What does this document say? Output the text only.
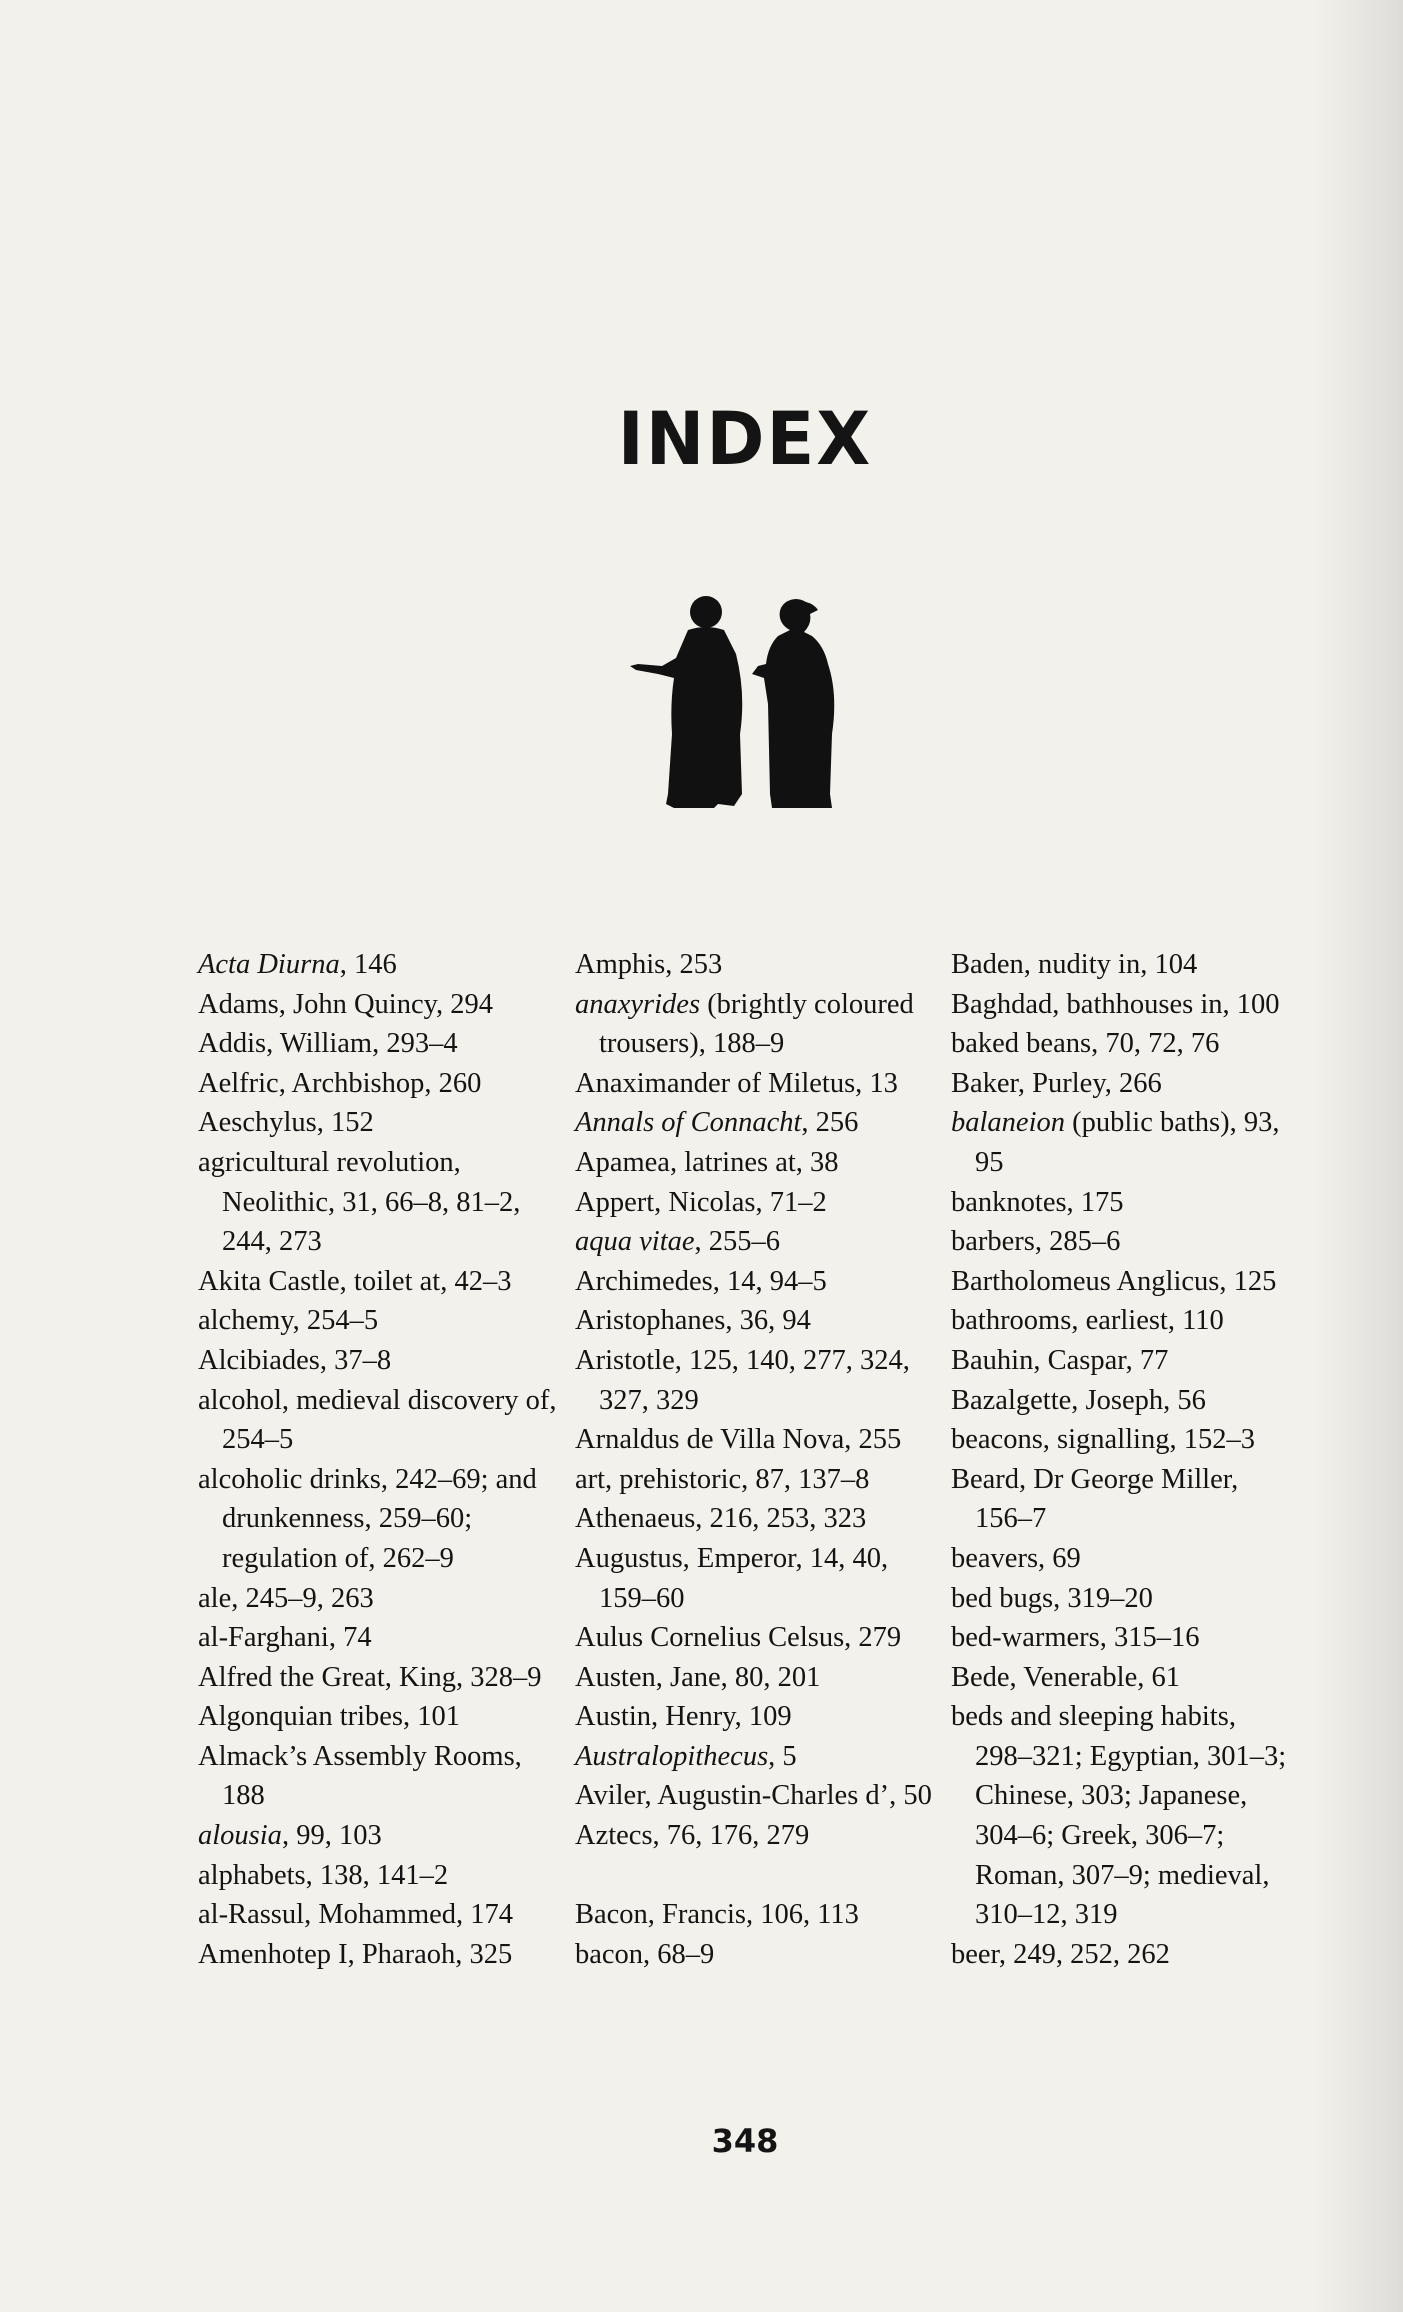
INDEX
Acta Diurna, 146
Adams, John Quincy, 294
Addis, William, 293–4
Aelfric, Archbishop, 260
Aeschylus, 152
agricultural revolution, Neolithic, 31, 66–8, 81–2, 244, 273
Akita Castle, toilet at, 42–3
alchemy, 254–5
Alcibiades, 37–8
alcohol, medieval discovery of, 254–5
alcoholic drinks, 242–69; and drunkenness, 259–60; regulation of, 262–9
ale, 245–9, 263
al-Farghani, 74
Alfred the Great, King, 328–9
Algonquian tribes, 101
Almack’s Assembly Rooms, 188
alousia, 99, 103
alphabets, 138, 141–2
al-Rassul, Mohammed, 174
Amenhotep I, Pharaoh, 325
Amphis, 253
anaxyrides (brightly coloured trousers), 188–9
Anaximander of Miletus, 13
Annals of Connacht, 256
Apamea, latrines at, 38
Appert, Nicolas, 71–2
aqua vitae, 255–6
Archimedes, 14, 94–5
Aristophanes, 36, 94
Aristotle, 125, 140, 277, 324, 327, 329
Arnaldus de Villa Nova, 255
art, prehistoric, 87, 137–8
Athenaeus, 216, 253, 323
Augustus, Emperor, 14, 40, 159–60
Aulus Cornelius Celsus, 279
Austen, Jane, 80, 201
Austin, Henry, 109
Australopithecus, 5
Aviler, Augustin-Charles d’, 50
Aztecs, 76, 176, 279
Bacon, Francis, 106, 113
bacon, 68–9
Baden, nudity in, 104
Baghdad, bathhouses in, 100
baked beans, 70, 72, 76
Baker, Purley, 266
balaneion (public baths), 93, 95
banknotes, 175
barbers, 285–6
Bartholomeus Anglicus, 125
bathrooms, earliest, 110
Bauhin, Caspar, 77
Bazalgette, Joseph, 56
beacons, signalling, 152–3
Beard, Dr George Miller, 156–7
beavers, 69
bed bugs, 319–20
bed-warmers, 315–16
Bede, Venerable, 61
beds and sleeping habits, 298–321; Egyptian, 301–3; Chinese, 303; Japanese, 304–6; Greek, 306–7; Roman, 307–9; medieval, 310–12, 319
beer, 249, 252, 262
348
